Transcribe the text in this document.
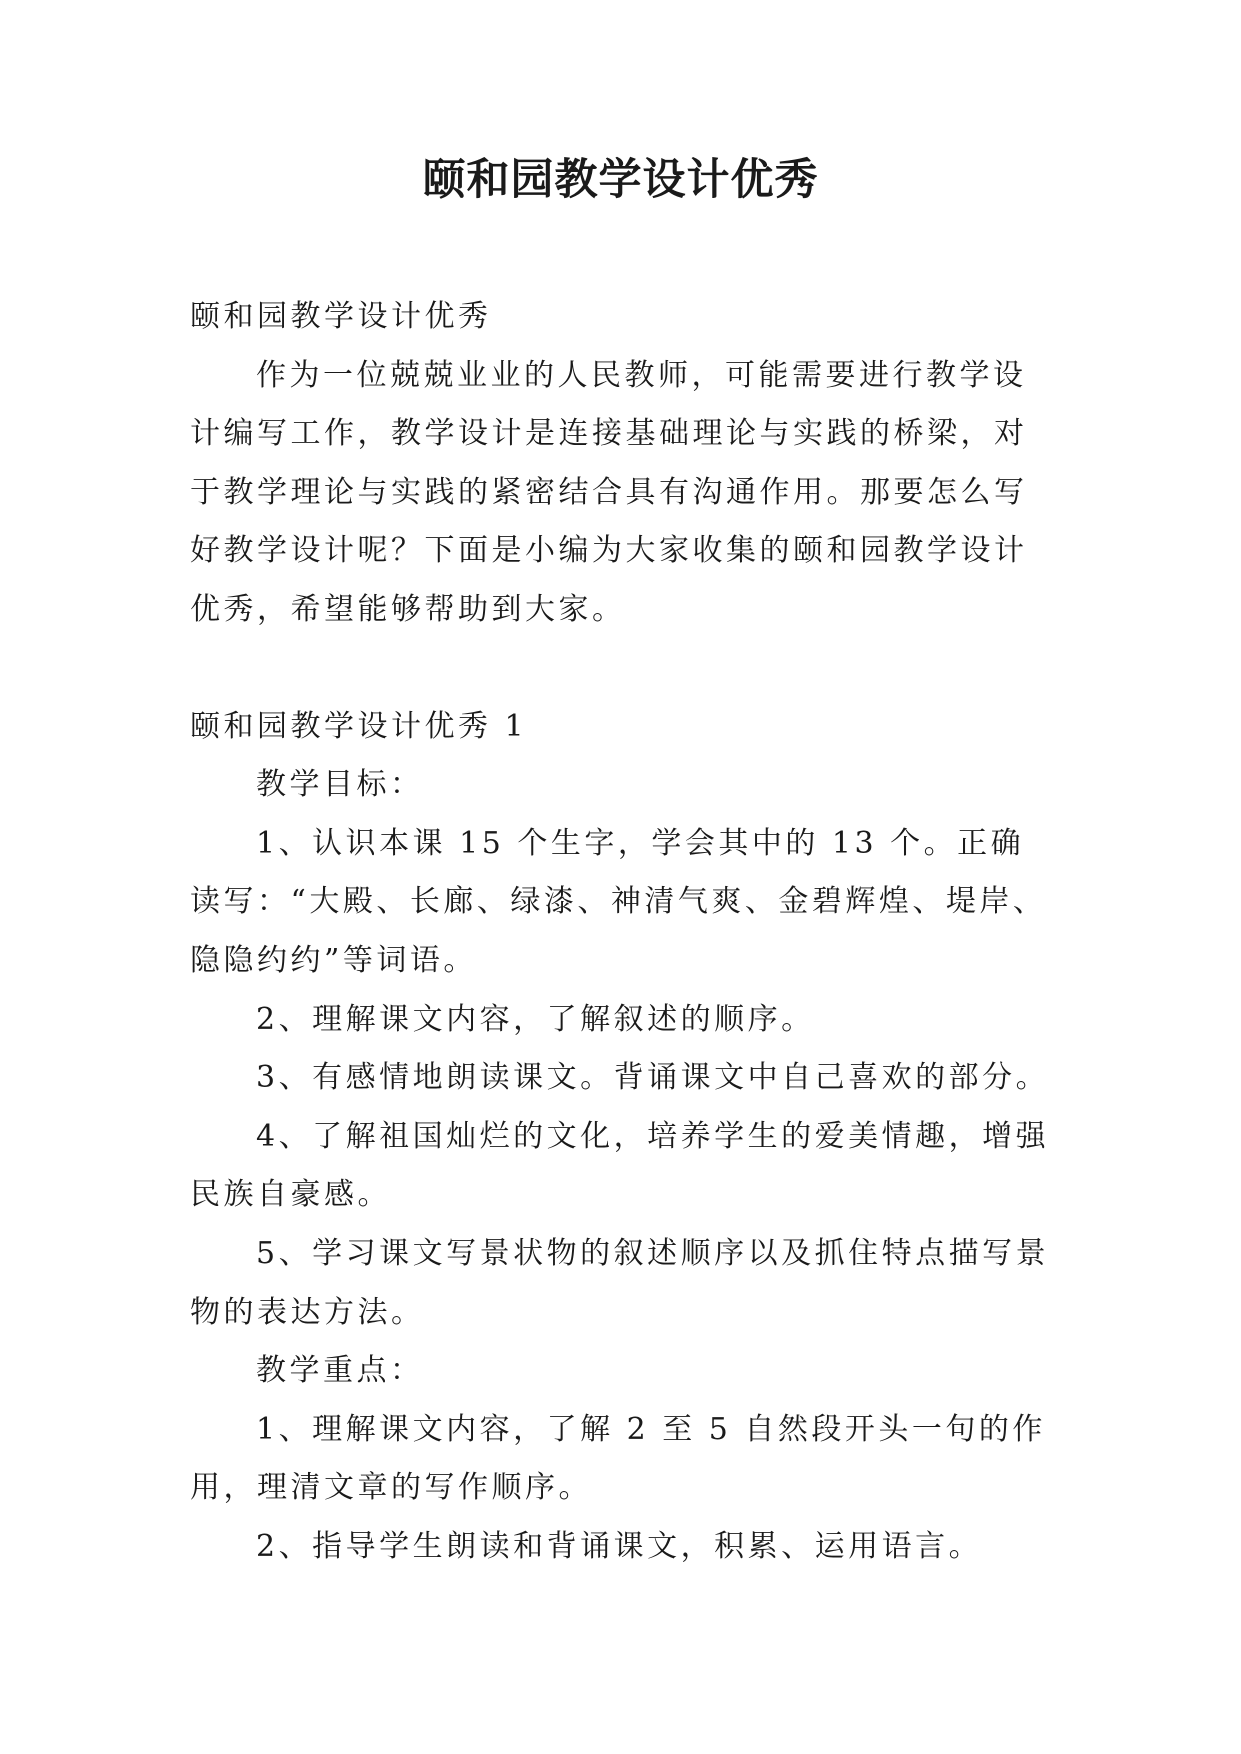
颐和园教学设计优秀

颐和园教学设计优秀

作为一位兢兢业业的人民教师，可能需要进行教学设计编写工作，教学设计是连接基础理论与实践的桥梁，对于教学理论与实践的紧密结合具有沟通作用。那要怎么写好教学设计呢？下面是小编为大家收集的颐和园教学设计优秀，希望能够帮助到大家。

颐和园教学设计优秀 1

教学目标：

1、认识本课 15 个生字，学会其中的 13 个。正确读写：“大殿、长廊、绿漆、神清气爽、金碧辉煌、堤岸、隐隐约约”等词语。

2、理解课文内容，了解叙述的顺序。

3、有感情地朗读课文。背诵课文中自己喜欢的部分。

4、了解祖国灿烂的文化，培养学生的爱美情趣，增强民族自豪感。

5、学习课文写景状物的叙述顺序以及抓住特点描写景物的表达方法。

教学重点：

1、理解课文内容，了解 2 至 5 自然段开头一句的作用，理清文章的写作顺序。

2、指导学生朗读和背诵课文，积累、运用语言。
